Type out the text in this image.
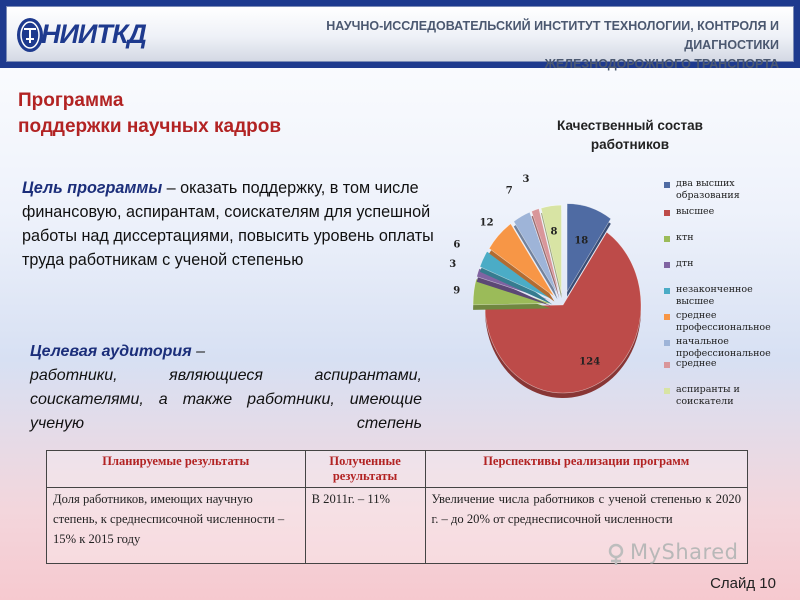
НИИТКД	НАУЧНО-ИССЛЕДОВАТЕЛЬСКИЙ ИНСТИТУТ ТЕХНОЛОГИИ, КОНТРОЛЯ И ДИАГНОСТИКИ
ЖЕЛЕЗНОДОРОЖНОГО ТРАНСПОРТА
Программа
поддержки научных кадров
Цель программы – оказать поддержку, в том числе финансовую, аспирантам, соискателям для успешной работы над диссертациями, повысить уровень оплаты труда работникам с ученой степенью
Целевая аудитория –
работники, являющиеся аспирантами, соискателями, а также работники, имеющие ученую степень
Качественный состав работников
18
124
9
3
6
12
7
3
8
два высших образования
высшее
ктн
дтн
незаконченное высшее
среднее профессиональное
начальное профессиональное
среднее
аспиранты и соискатели
Планируемые результаты	Полученные результаты	Перспективы реализации программ
Доля работников, имеющих научную степень, к среднесписочной численности – 15% к 2015 году	В 2011г. – 11%	Увеличение числа работников с ученой степенью к 2020 г. – до 20% от среднесписочной численности
MyShared
Слайд 10
